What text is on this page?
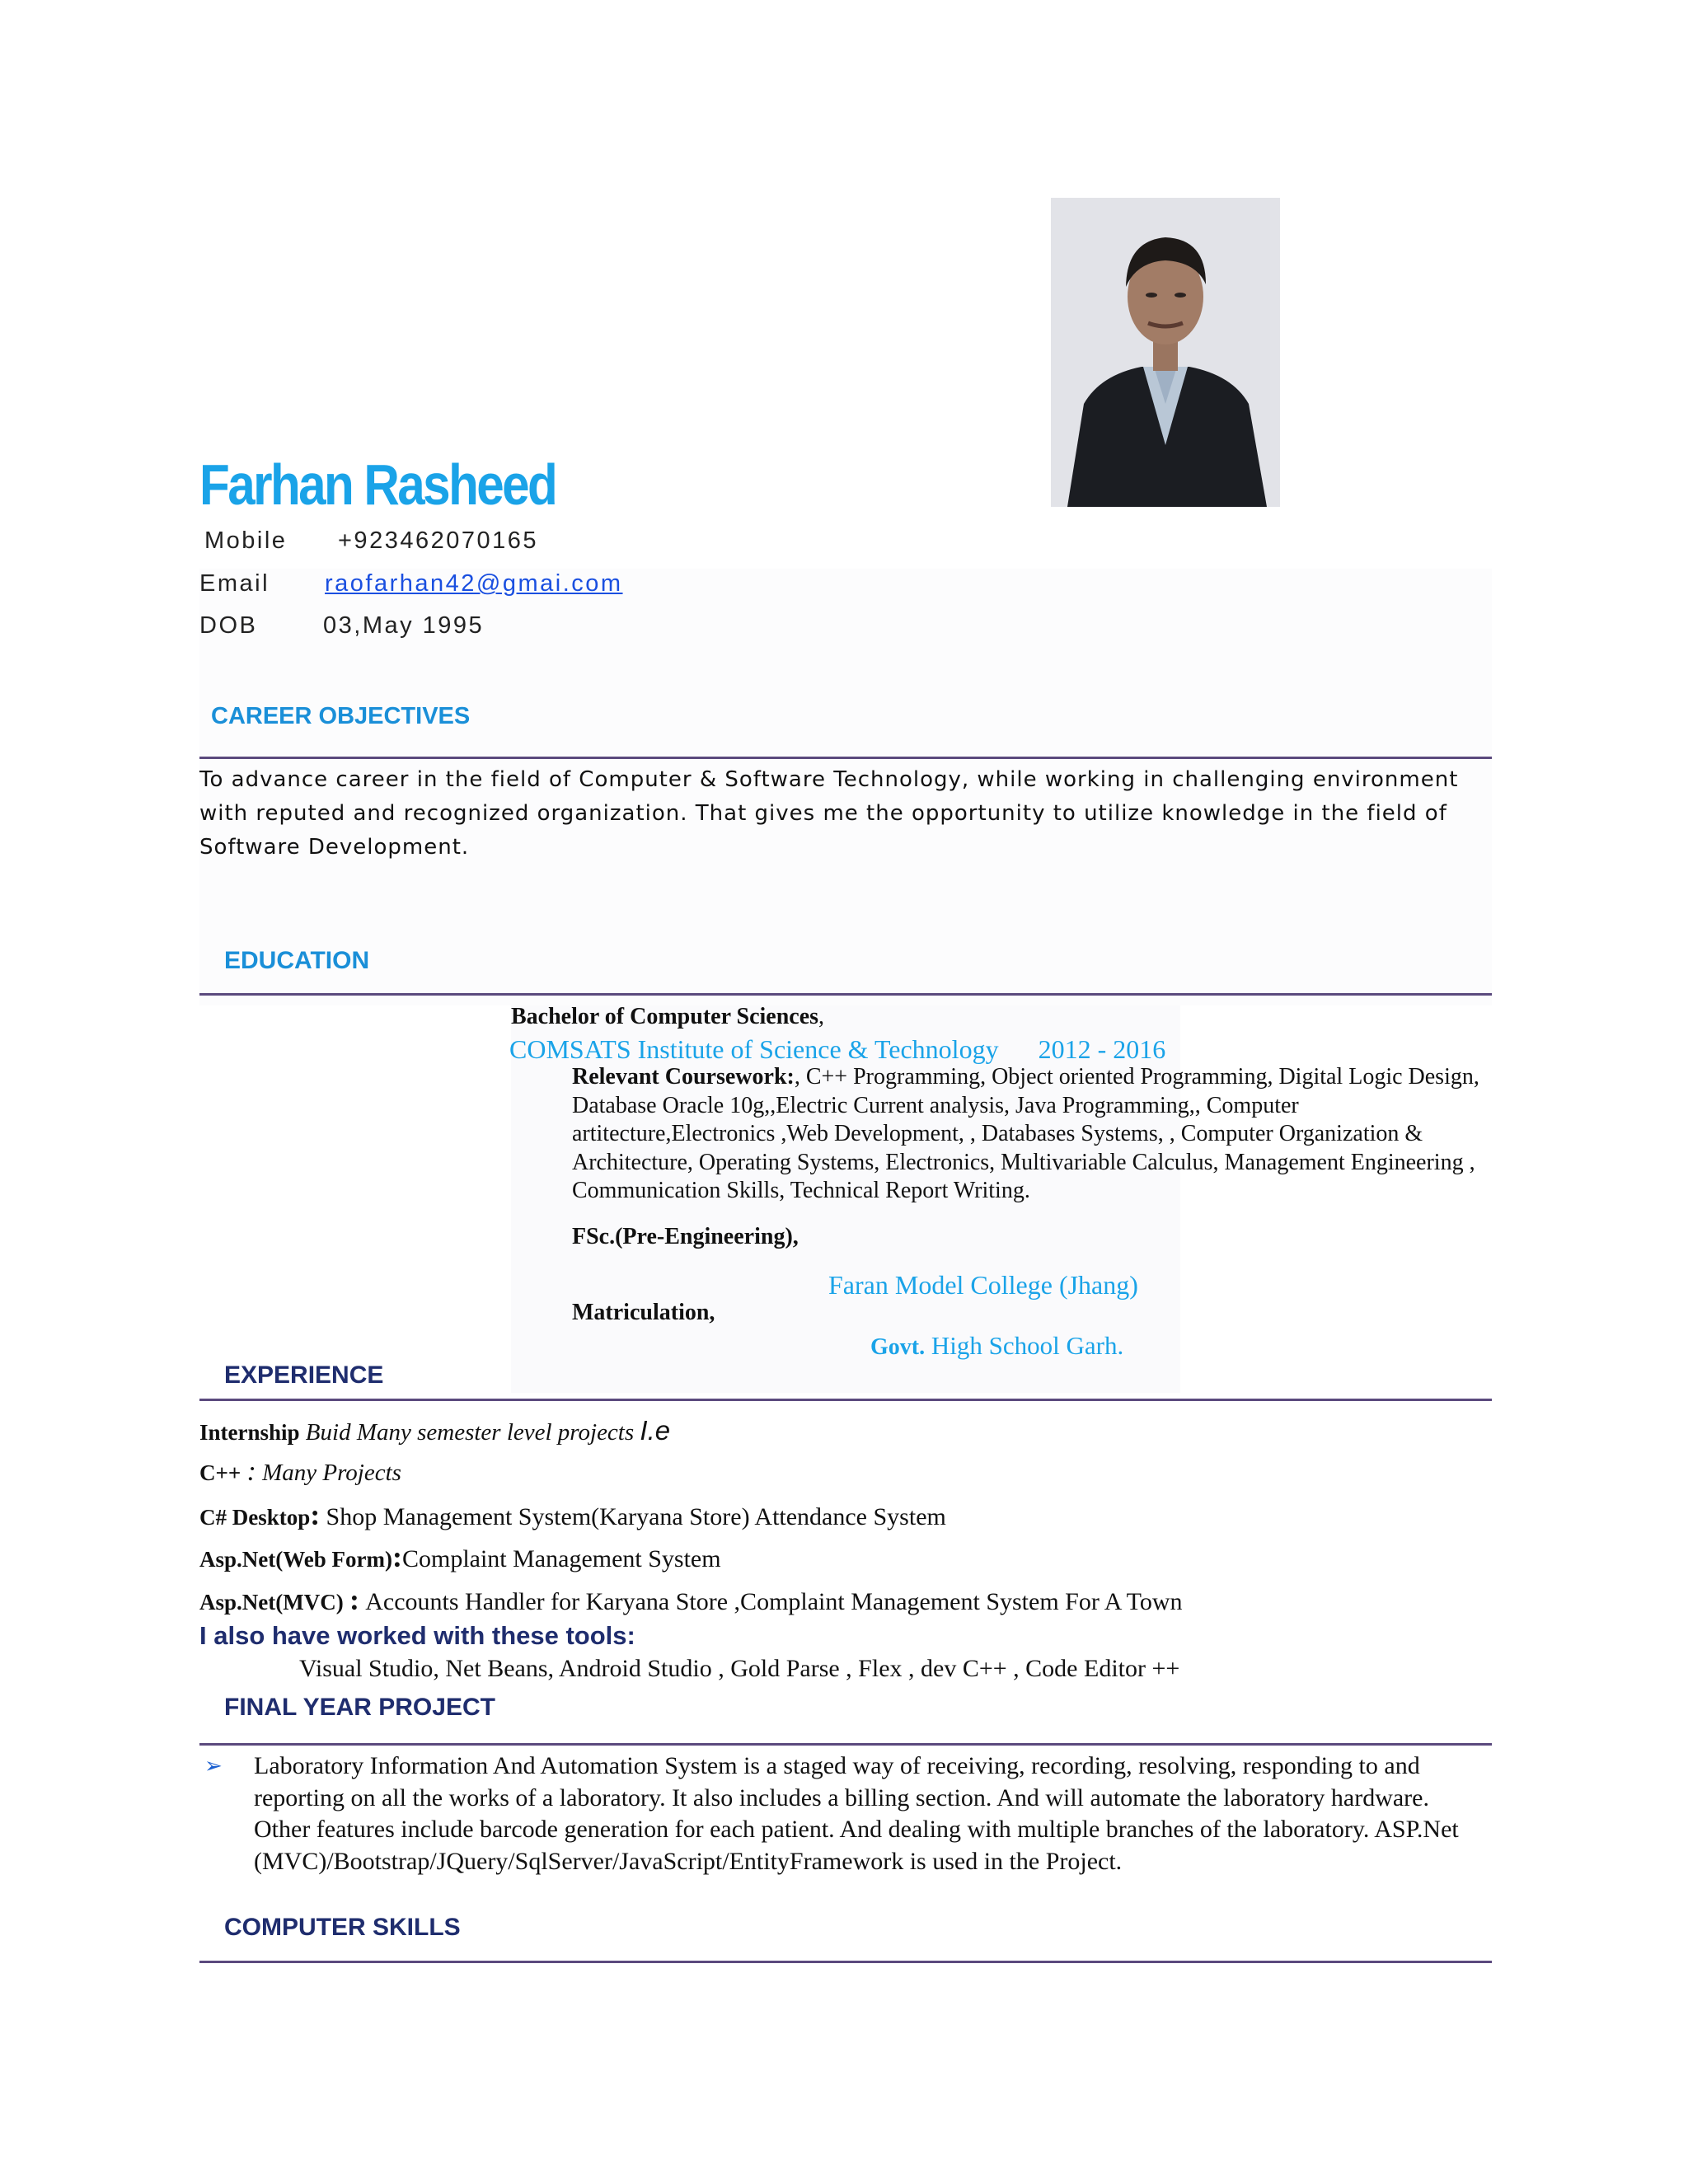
Farhan Rasheed
Mobile +923462070165
Email raofarhan42@gmai.com
DOB	03,May 1995
CAREER OBJECTIVES
To advance career in the field of Computer & Software Technology, while working in challenging environment with reputed and recognized organization. That gives me the opportunity to utilize knowledge in the field of Software Development.
EDUCATION
Bachelor of Computer Sciences,
COMSATS Institute of Science & Technology 2012 - 2016
Relevant Coursework:, C++ Programming, Object oriented Programming, Digital Logic Design, Database Oracle 10g,,Electric Current analysis, Java Programming,, Computer artitecture,Electronics ,Web Development, , Databases Systems, , Computer Organization & Architecture, Operating Systems, Electronics, Multivariable Calculus, Management Engineering , Communication Skills, Technical Report Writing.
FSc.(Pre-Engineering),
Faran Model College (Jhang)
Matriculation,
Govt. High School Garh.
EXPERIENCE
Internship Buid Many semester level projects I.e
C++ : Many Projects
C# Desktop: Shop Management System(Karyana Store) Attendance System
Asp.Net(Web Form):Complaint Management System
Asp.Net(MVC) : Accounts Handler for Karyana Store ,Complaint Management System For A Town
I also have worked with these tools:
Visual Studio, Net Beans, Android Studio , Gold Parse , Flex , dev C++ , Code Editor ++
FINAL YEAR PROJECT
➢ Laboratory Information And Automation System is a staged way of receiving, recording, resolving, responding to and reporting on all the works of a laboratory. It also includes a billing section. And will automate the laboratory hardware. Other features include barcode generation for each patient. And dealing with multiple branches of the laboratory. ASP.Net (MVC)/Bootstrap/JQuery/SqlServer/JavaScript/EntityFramework is used in the Project.
COMPUTER SKILLS
